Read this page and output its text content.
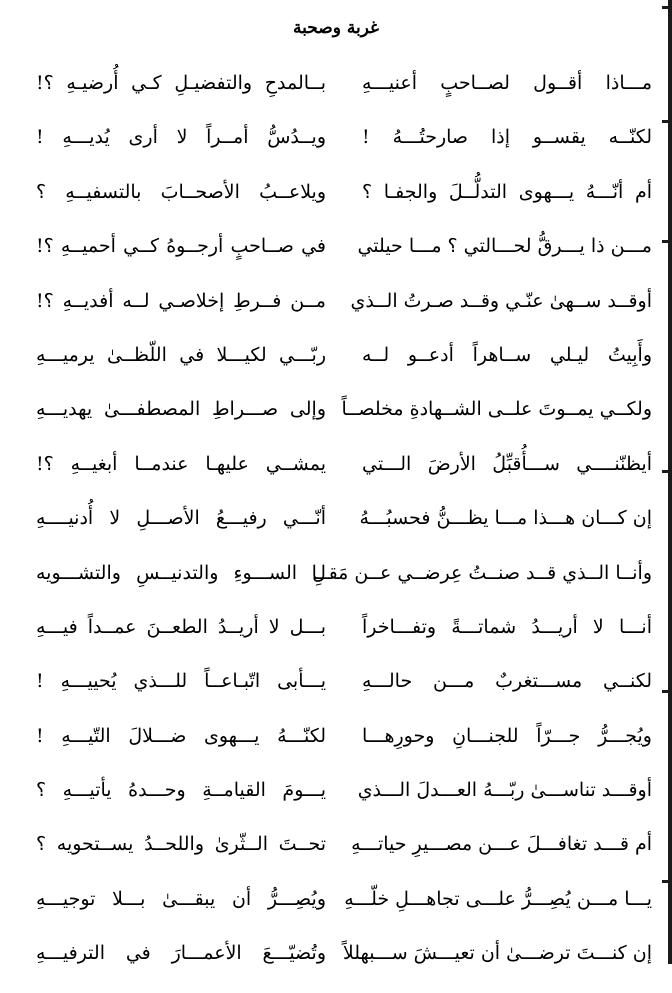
غربة وصحبة
مـــاذا أقــول لصــاحبٍ أعنيـــهِ
بــالمدحِ والتفضيـلِ كـي أُرضيـهِ ؟!
لكنّــه يقســو إذا صارحتُـــهُ !
ويــدُسُّ أمــراً لا أرى يُديـــهِ !
أم أنّـــهُ يـــهوى التدلُّــلَ والجفـا ؟
ويلاعــبُ الأصحــابَ بالتسفيــهِ ؟
مـــن ذا يـــرقُّ لحـــالتي ؟ مـــا حيلتي
في صــاحبٍ أرجــوهُ كــي أحميــهِ ؟!
أوقــد ســهىٰ عنّـي وقــد صـرتُ الــذي
مــن فــرطِ إخلاصـي لــه أفديــهِ ؟!
وأَبِيتُ ليـلي ســاهراً أدعــو لــه
ربّـــي لكيـــلا في اللّظــىٰ يرميـــهِ
ولكــي يمــوتَ علــى الشــهادةِ مخلصــاً
وإلى صـــراطِ المصطفـــىٰ يهديـــهِ
أيظنّنــــي ســـأُقبِّلُ الأرضَ الـــتي
يمشــي عليهـا عندمــا أبغيــهِ ؟!
إن كـــان هـــذا مـــا يظـــنُّ فحسبُـــهُ
أنّـــي رفيـــعُ الأصـــلِ لا أُدنيــــهِ
وأنــا الــذي قــد صنــتُ عِرضــي عــن مَقــا
لِ الســـوءِ والتدنيــسِ والتشـــويه
أنـــا لا أريـــدُ شماتـــةً وتفـــاخراً
بـــل لا أريــدُ الطعــنَ عمــداً فيـــهِ
لكنــي مســـتغربٌ مـــن حالـــهِ
يـــأبى اتّبـاعــاً للـــذي يُحييـــهِ !
ويُجـــرُّ جـــرّاً للجنـــانِ وحورِهـــا
لكنّـــهُ يـــهوى ضـــلالَ التّيـــهِ !
أوقـــد تناســـىٰ ربّـــهُ العـــدلَ الـــذي
يـــومَ القيامــةِ وحـــدهُ يأتيـــهِ ؟
أم قـــد تغافـــلَ عـــن مصـــيرِ حياتـــهِ
تحــتَ الــثّرىٰ واللحــدُ يســتحويه ؟
يـــا مـــن يُصِـــرُّ علـــى تجاهـــلِ خلّـــهِ
ويُصِـــرُّ أن يبقـــىٰ بـــلا توجيـــهِ
إن كنـــتَ ترضـــىٰ أن تعيـــشَ ســـبهللاً
وتُضيّـــعَ الأعمـــارَ في الترفيـــهِ
